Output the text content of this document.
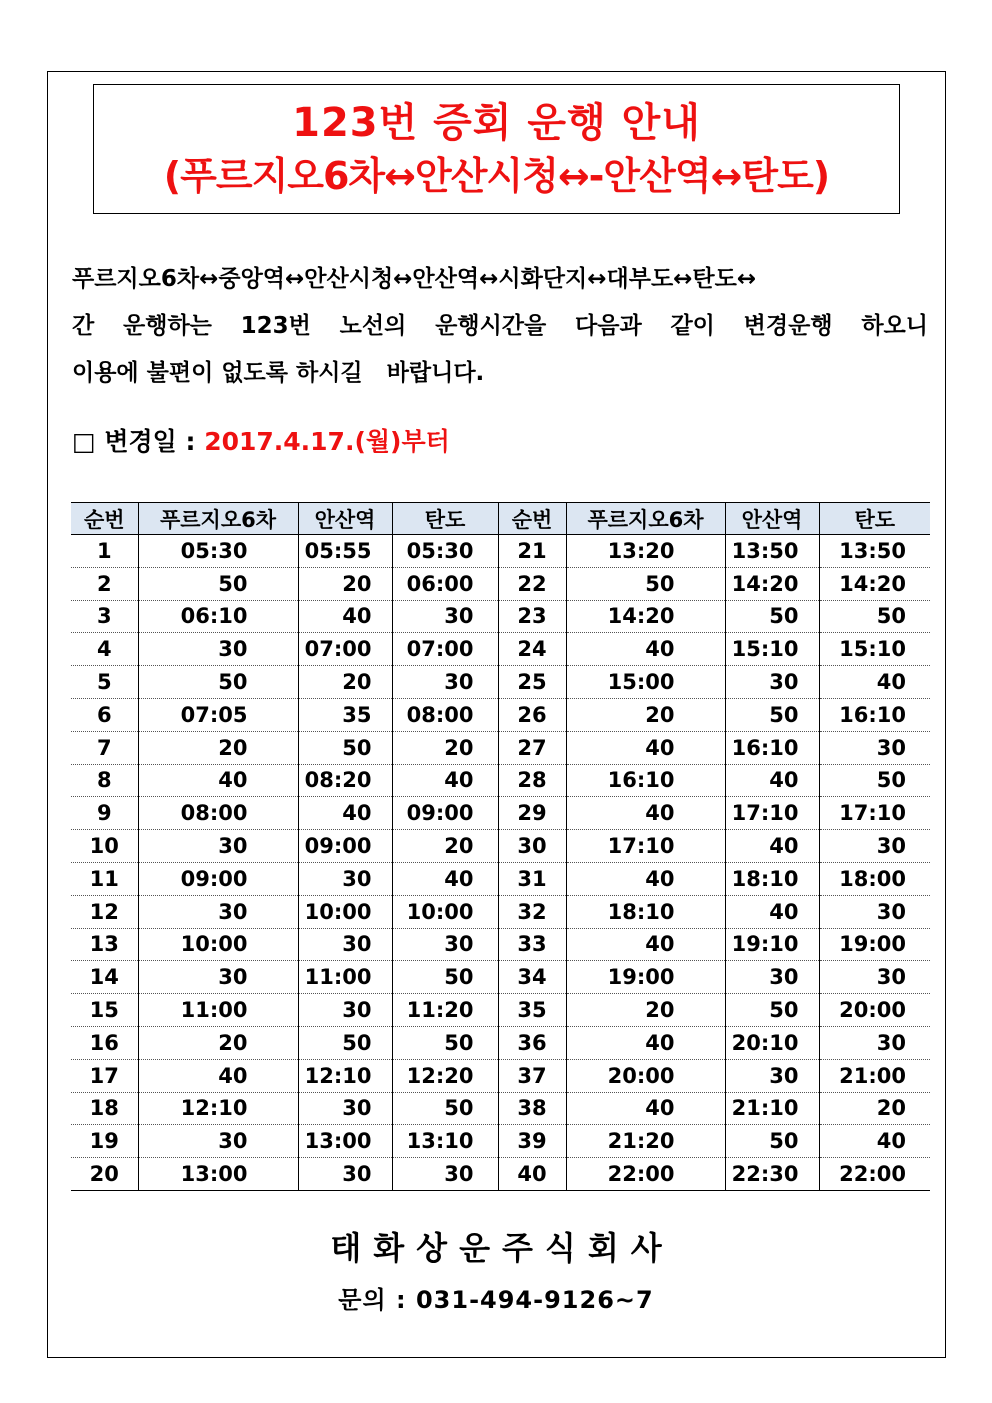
123번 증회 운행 안내
(푸르지오6차↔안산시청↔-안산역↔탄도)
푸르지오6차↔중앙역↔안산시청↔안산역↔시화단지↔대부도↔탄도↔
간 운행하는 123번 노선의 운행시간을 다음과 같이 변경운행 하오니
이용에 불편이 없도록 하시길   바랍니다.
□ 변경일 : 2017.4.17.(월)부터
순번	푸르지오6차	안산역	탄도	순번	푸르지오6차	안산역	탄도
1	05:30	05:55	05:30	21	13:20	13:50	13:50
2	50	20	06:00	22	50	14:20	14:20
3	06:10	40	30	23	14:20	50	50
4	30	07:00	07:00	24	40	15:10	15:10
5	50	20	30	25	15:00	30	40
6	07:05	35	08:00	26	20	50	16:10
7	20	50	20	27	40	16:10	30
8	40	08:20	40	28	16:10	40	50
9	08:00	40	09:00	29	40	17:10	17:10
10	30	09:00	20	30	17:10	40	30
11	09:00	30	40	31	40	18:10	18:00
12	30	10:00	10:00	32	18:10	40	30
13	10:00	30	30	33	40	19:10	19:00
14	30	11:00	50	34	19:00	30	30
15	11:00	30	11:20	35	20	50	20:00
16	20	50	50	36	40	20:10	30
17	40	12:10	12:20	37	20:00	30	21:00
18	12:10	30	50	38	40	21:10	20
19	30	13:00	13:10	39	21:20	50	40
20	13:00	30	30	40	22:00	22:30	22:00
태화상운주식회사
문의 : 031-494-9126~7
